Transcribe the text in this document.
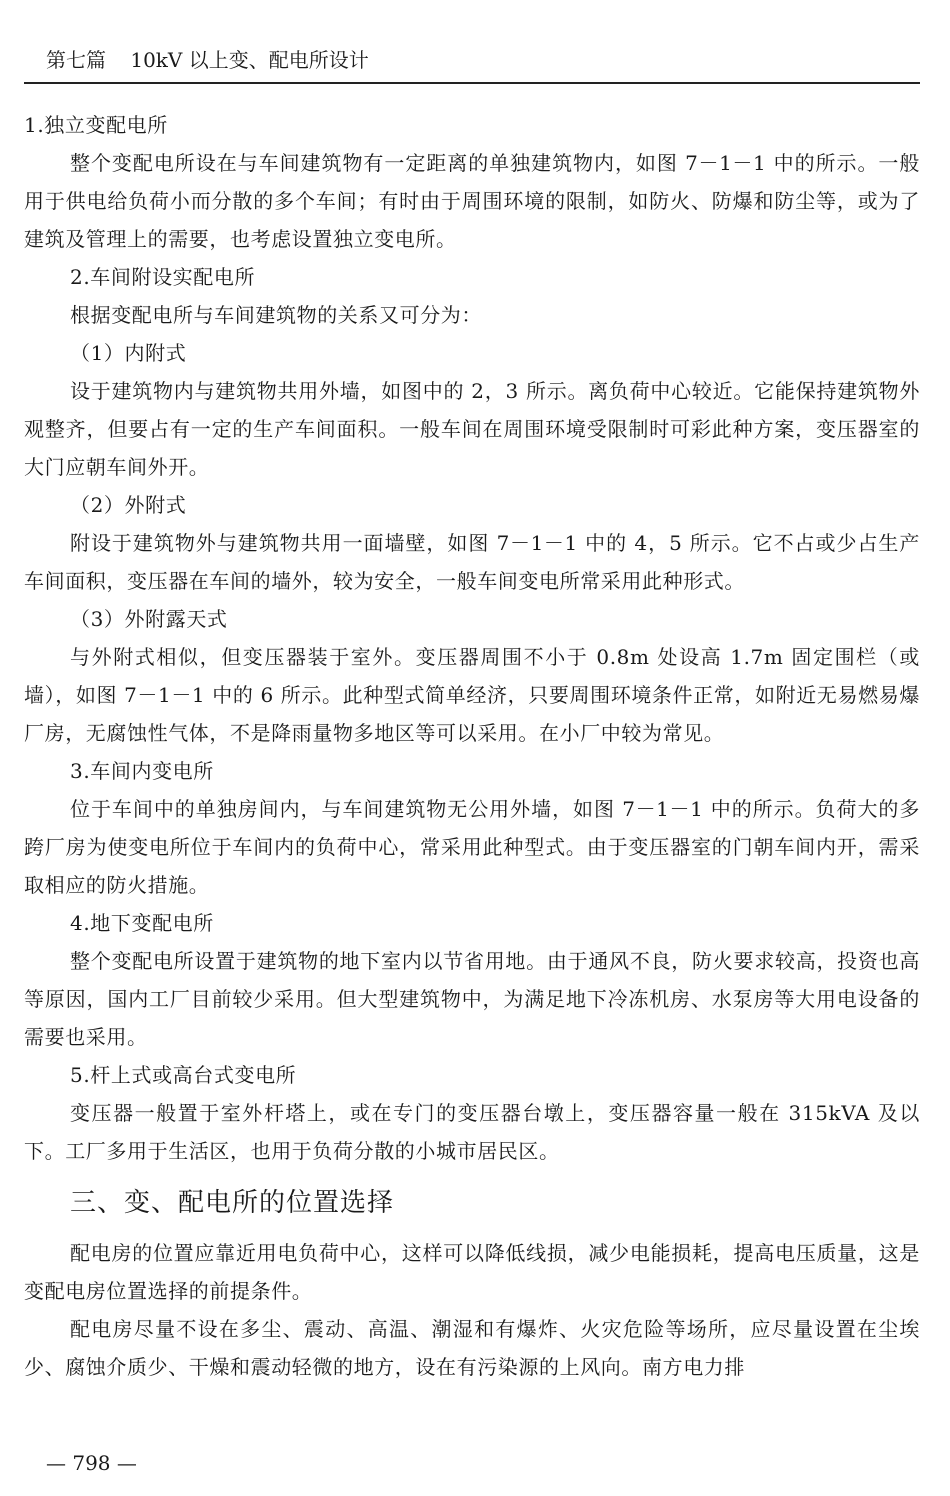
第七篇 10kV 以上变、配电所设计

1.独立变配电所

整个变配电所设在与车间建筑物有一定距离的单独建筑物内，如图 7－1－1 中的所示。一般用于供电给负荷小而分散的多个车间；有时由于周围环境的限制，如防火、防爆和防尘等，或为了建筑及管理上的需要，也考虑设置独立变电所。

2.车间附设实配电所

根据变配电所与车间建筑物的关系又可分为：

（1）内附式

设于建筑物内与建筑物共用外墙，如图中的 2，3 所示。离负荷中心较近。它能保持建筑物外观整齐，但要占有一定的生产车间面积。一般车间在周围环境受限制时可彩此种方案，变压器室的大门应朝车间外开。

（2）外附式

附设于建筑物外与建筑物共用一面墙壁，如图 7－1－1 中的 4，5 所示。它不占或少占生产车间面积，变压器在车间的墙外，较为安全，一般车间变电所常采用此种形式。

（3）外附露天式

与外附式相似，但变压器装于室外。变压器周围不小于 0.8m 处设高 1.7m 固定围栏（或墙），如图 7－1－1 中的 6 所示。此种型式简单经济，只要周围环境条件正常，如附近无易燃易爆厂房，无腐蚀性气体，不是降雨量物多地区等可以采用。在小厂中较为常见。

3.车间内变电所

位于车间中的单独房间内，与车间建筑物无公用外墙，如图 7－1－1 中的所示。负荷大的多跨厂房为使变电所位于车间内的负荷中心，常采用此种型式。由于变压器室的门朝车间内开，需采取相应的防火措施。

4.地下变配电所

整个变配电所设置于建筑物的地下室内以节省用地。由于通风不良，防火要求较高，投资也高等原因，国内工厂目前较少采用。但大型建筑物中，为满足地下冷冻机房、水泵房等大用电设备的需要也采用。

5.杆上式或高台式变电所

变压器一般置于室外杆塔上，或在专门的变压器台墩上，变压器容量一般在 315kVA 及以下。工厂多用于生活区，也用于负荷分散的小城市居民区。

三、变、配电所的位置选择

配电房的位置应靠近用电负荷中心，这样可以降低线损，减少电能损耗，提高电压质量，这是变配电房位置选择的前提条件。

配电房尽量不设在多尘、震动、高温、潮湿和有爆炸、火灾危险等场所，应尽量设置在尘埃少、腐蚀介质少、干燥和震动轻微的地方，设在有污染源的上风向。南方电力排

— 798 —
